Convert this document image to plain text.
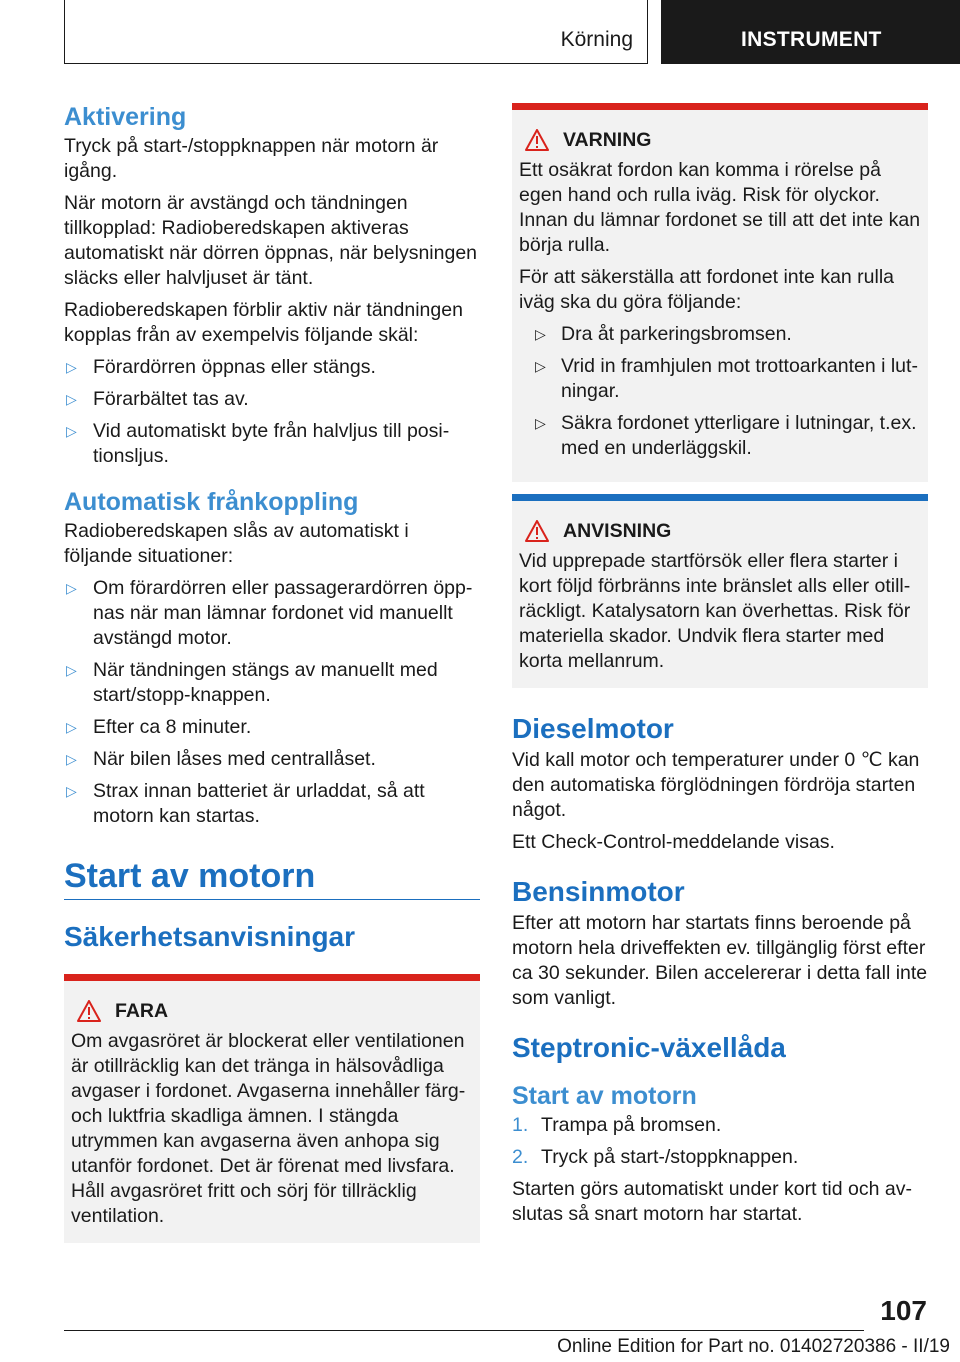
Körning	INSTRUMENT
Aktivering

Tryck på start-/stoppknappen när motorn är igång.

När motorn är avstängd och tändningen tillkopplad: Radioberedskapen aktiveras automatiskt när dörren öppnas, när belysningen släcks eller halvljuset är tänt.

Radioberedskapen förblir aktiv när tändningen kopplas från av exempelvis följande skäl:

▷ Förardörren öppnas eller stängs.
▷ Förarbältet tas av.
▷ Vid automatiskt byte från halvljus till positionsljus.
Automatisk frånkoppling

Radioberedskapen slås av automatiskt i följande situationer:

▷ Om förardörren eller passagerardörren öppnas när man lämnar fordonet vid manuellt avstängd motor.
▷ När tändningen stängs av manuellt med start/stopp-knappen.
▷ Efter ca 8 minuter.
▷ När bilen låses med centrallåset.
▷ Strax innan batteriet är urladdat, så att motorn kan startas.
Start av motorn
Säkerhetsanvisningar
FARA

Om avgasröret är blockerat eller ventilationen är otillräcklig kan det tränga in hälsovådliga avgaser i fordonet. Avgaserna innehåller färg- och luktfria skadliga ämnen. I stängda utrymmen kan avgaserna även anhopa sig utanför fordonet. Det är förenat med livsfara. Håll avgasröret fritt och sörj för tillräcklig ventilation.

VARNING

Ett osäkrat fordon kan komma i rörelse på egen hand och rulla iväg. Risk för olyckor. Innan du lämnar fordonet se till att det inte kan börja rulla.

För att säkerställa att fordonet inte kan rulla iväg ska du göra följande:

▷ Dra åt parkeringsbromsen.
▷ Vrid in framhjulen mot trottoarkanten i lutningar.
▷ Säkra fordonet ytterligare i lutningar, t.ex. med en underläggskil.
ANVISNING

Vid upprepade startförsök eller flera starter i kort följd förbränns inte bränslet alls eller otillräckligt. Katalysatorn kan överhettas. Risk för materiella skador. Undvik flera starter med korta mellanrum.

Dieselmotor

Vid kall motor och temperaturer under 0 ℃ kan den automatiska förglödningen fördröja starten något.

Ett Check-Control-meddelande visas.

Bensinmotor

Efter att motorn har startats finns beroende på motorn hela driveffekten ev. tillgänglig först efter ca 30 sekunder. Bilen accelererar i detta fall inte som vanligt.

Steptronic-växellåda
Start av motorn
1. Trampa på bromsen.
2. Tryck på start-/stoppknappen.

Starten görs automatiskt under kort tid och avslutas så snart motorn har startat.

107
Online Edition for Part no. 01402720386 - II/19
